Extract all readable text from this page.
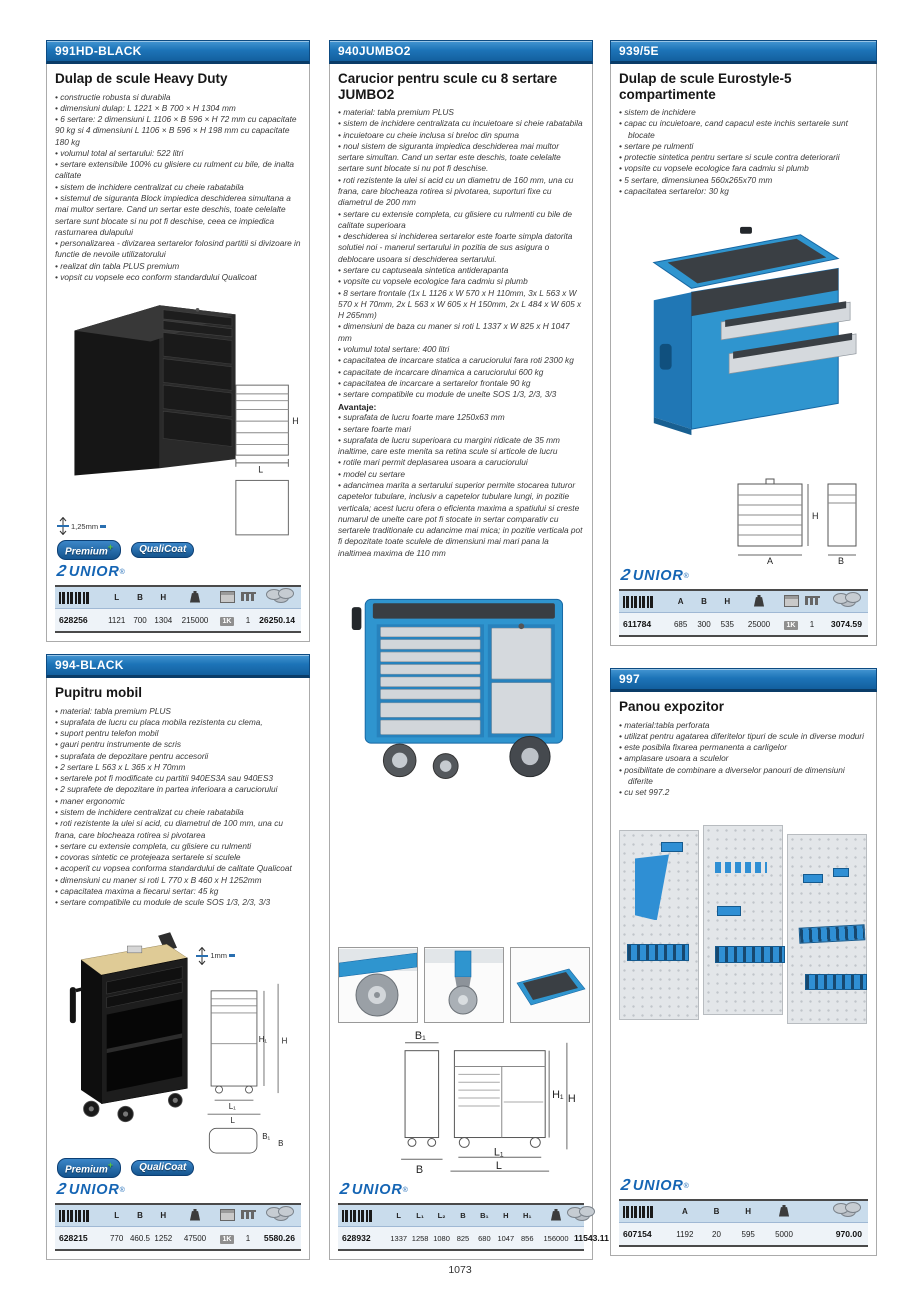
991HD-BLACK
Dulap de scule Heavy Duty
• constructie robusta si durabila
• dimensiuni dulap: L 1221 × B 700 × H 1304 mm
• 6 sertare: 2 dimensiuni L 1106 × B 596 × H 72 mm cu capacitate 90 kg si 4 dimensiuni L 1106 × B 596 × H 198 mm cu capacitate 180 kg
• volumul total al sertarului: 522 litri
• sertare extensibile 100% cu glisiere cu rulment cu bile, de inalta calitate
• sistem de inchidere centralizat cu cheie rabatabila
• sistemul de siguranta Block impiedica deschiderea simultana a mai multor sertare. Cand un sertar este deschis, toate celelalte sertare sunt blocate si nu pot fi deschise, ceea ce impiedica rasturnarea dulapului
• personalizarea - divizarea sertarelor folosind partitii si divizoare in functie de nevoile utilizatorului
• realizat din tabla PLUS premium
• vopsit cu vopsele eco conform standardului Qualicoat
H
L
1,25mm
Premium+	QualiCoat
2 UNIOR ®
L	B	H
628256	1121	700 1304	215000	1K	1	26250.14
994-BLACK
Pupitru mobil
• material: tabla premium PLUS
• suprafata de lucru cu placa mobila rezistenta cu clema,
• suport pentru telefon mobil
• gauri pentru instrumente de scris
• suprafata de depozitare pentru accesorii
• 2 sertare L 563 x L 365 x H 70mm
• sertarele pot fi modificate cu partitii 940ES3A sau 940ES3
• 2 suprafete de depozitare in partea inferioara a caruciorului
• maner ergonomic
• sistem de inchidere centralizat cu cheie rabatabila
• roti rezistente la ulei si acid, cu diametrul de 100 mm, una cu frana, care blocheaza rotirea si pivotarea
• sertare cu extensie completa, cu glisiere cu rulmenti
• covoras sintetic ce protejeaza sertarele si sculele
• acoperit cu vopsea conforma standardului de calitate Qualicoat
• dimensiuni cu maner si roti L 770 x B 460 x H 1252mm
• capacitatea maxima a fiecarui sertar: 45 kg
• sertare compatibile cu module de scule SOS 1/3, 2/3, 3/3
1mm
H₁ H
L₁
L
B₁
B
Premium+	QualiCoat
2 UNIOR ®
L	B	H
628215	770 460.5 1252	47500	1K	1	5580.26
940JUMBO2
Carucior pentru scule cu 8 sertare JUMBO2
• material: tabla premium PLUS
• sistem de inchidere centralizata cu incuietoare si cheie rabatabila
• incuietoare cu cheie inclusa si breloc din spuma
• noul sistem de siguranta impiedica deschiderea mai multor sertare simultan. Cand un sertar este deschis, toate celelalte sertare sunt blocate si nu pot fi deschise.
• roti rezistente la ulei si acid cu un diametru de 160 mm, una cu frana, care blocheaza rotirea si pivotarea, suporturi fixe cu diametrul de 200 mm
• sertare cu extensie completa, cu glisiere cu rulmenti cu bile de calitate superioara
• deschiderea si inchiderea sertarelor este foarte simpla datorita solutiei noi - manerul sertarului in pozitia de sus asigura o deblocare usoara si deschiderea sertarului.
• sertare cu captuseala sintetica antiderapanta
• vopsite cu vopsele ecologice fara cadmiu si plumb
• 8 sertare frontale (1x L 1126 x W 570 x H 110mm, 3x L 563 x W 570 x H 70mm, 2x L 563 x W 605 x H 150mm, 2x L 484 x W 605 x H 265mm)
• dimensiuni de baza cu maner si roti L 1337 x W 825 x H 1047 mm
• volumul total sertare: 400 litri
• capacitatea de incarcare statica a caruciorului fara roti 2300 kg
• capacitate de incarcare dinamica a caruciorului 600 kg
• capacitatea de incarcare a sertarelor frontale 90 kg
• sertare compatibile cu module de unelte SOS 1/3, 2/3, 3/3
Avantaje:
• suprafata de lucru foarte mare 1250x63 mm
• sertare foarte mari
• suprafata de lucru superioara cu margini ridicate de 35 mm inaltime, care este menita sa retina scule si articole de lucru
• rotile mari permit deplasarea usoara a caruciorului
• model cu sertare
• adancimea marita a sertarului superior permite stocarea tuturor capetelor tubulare, inclusiv a capetelor tubulare lungi, in pozitie verticala; acest lucru ofera o eficienta maxima a spatiului si creste numarul de unelte care pot fi stocate in sertar comparativ cu sertarele traditionale cu adancime mai mica; in pozitie verticala pot fi depozitate toate sculele de dimensiuni mai mari pana la inaltimea maxima de 110 mm
B₁
B
H₁ H
L₁
L
2 UNIOR ®
L	L₁	L₂	B	B₁	H	H₁
628932	1337 1258 1080 825	680 1047 856	156000 11543.11
939/5E
Dulap de scule Eurostyle-5 compartimente
• sistem de inchidere
• capac cu incuietoare, cand capacul este inchis sertarele sunt blocate
• sertare pe rulmenti
• protectie sintetica pentru sertare si scule contra deteriorarii
• vopsite cu vopsele ecologice fara cadmiu si plumb
• 5 sertare, dimensiunea 560x265x70 mm
• capacitatea sertarelor: 30 kg
H
A	B
2 UNIOR ®
A	B	H
611784	685	300	535	25000	1K	1	3074.59
997
Panou expozitor
• material:tabla perforata
• utilizat pentru agatarea diferitelor tipuri de scule in diverse moduri
• este posibila fixarea permanenta a carligelor
• amplasare usoara a sculelor
• posibilitate de combinare a diverselor panouri de dimensiuni diferite
• cu set 997.2
2 UNIOR ®
A	B	H
607154	1192	20	595	5000	970.00
1073
